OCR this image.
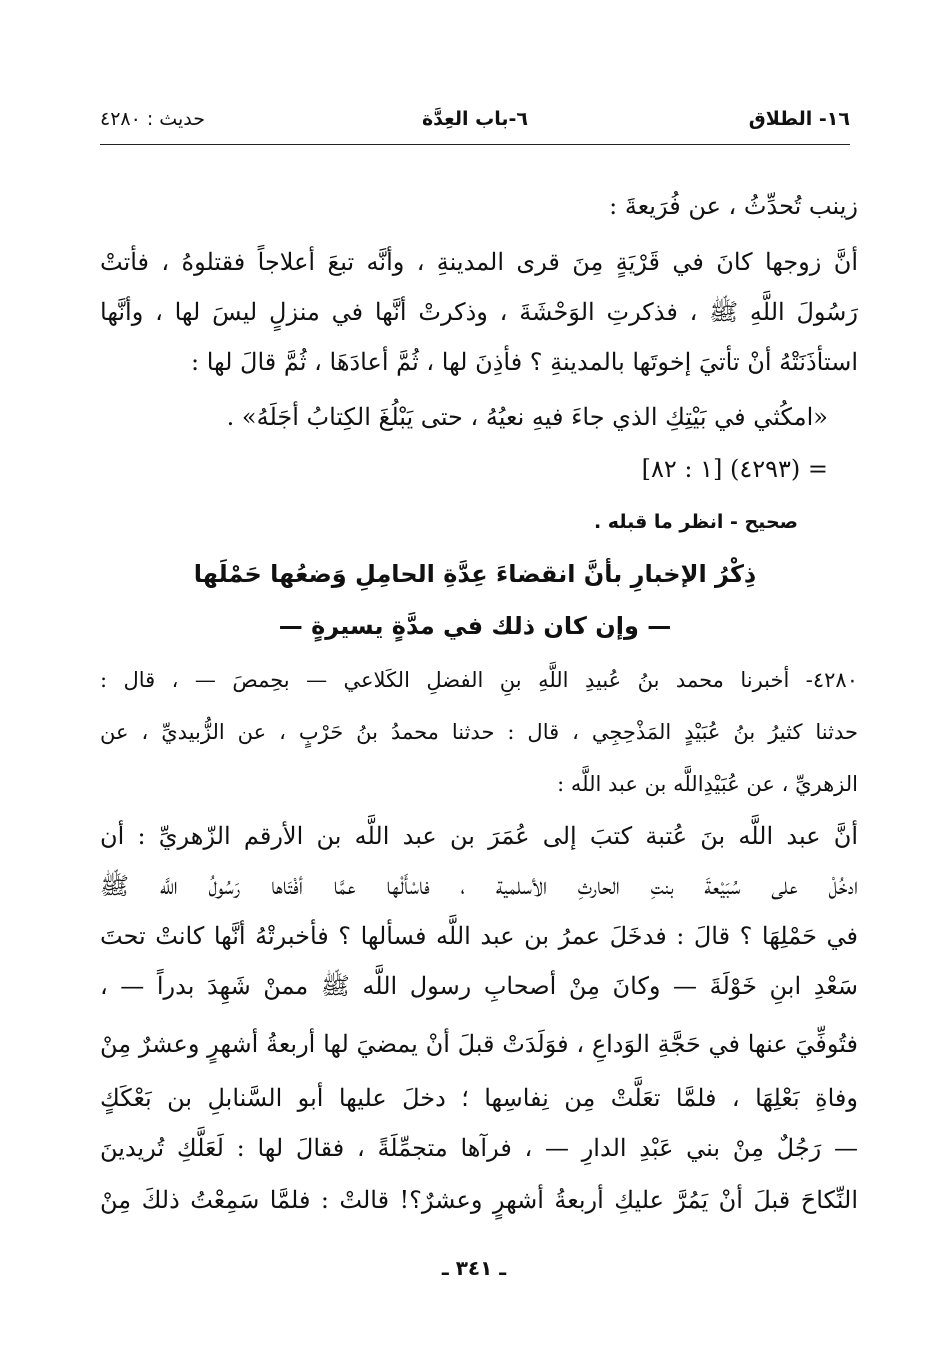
١٦- الطلاق
٦-باب العِدَّة
حديث : ٤٢٨٠
زينب تُحدِّثُ ، عن فُرَيعةَ :
أنَّ زوجها كانَ في قَرْيَةٍ مِنَ قرى المدينةِ ، وأنَّه تبعَ أعلاجاً فقتلوهُ ، فأتتْ
رَسُولَ اللَّهِ ﷺ ، فذكرتِ الوَحْشَةَ ، وذكرتْ أنَّها في منزلٍ ليسَ لها ، وأنَّها
استأذَنَتْهُ أنْ تأتيَ إخوتَها بالمدينةِ ؟ فأذِنَ لها ، ثُمَّ أعادَهَا ، ثُمَّ قالَ لها :
«امكُثي في بَيْتِكِ الذي جاءَ فيهِ نعيُهُ ، حتى يَبْلُغَ الكِتابُ أجَلَهُ» .
= (٤٢٩٣) [١ : ٨٢]
صحيح - انظر ما قبله .
ذِكْرُ الإخبارِ بأنَّ انقضاءَ عِدَّةِ الحامِلِ وَضعُها حَمْلَها
— وإن كان ذلك في مدَّةٍ يسيرةٍ —
٤٢٨٠- أخبرنا محمد بنُ عُبيدِ اللَّهِ بنِ الفضلِ الكَلاعي — بحِمصَ — ، قال :
حدثنا كثيرُ بنُ عُبَيْدٍ المَذْحِجِي ، قال : حدثنا محمدُ بنُ حَرْبٍ ، عن الزُّبيديِّ ، عن
الزهريِّ ، عن عُبَيْدِاللَّه بن عبد اللَّه :
أنَّ عبد اللَّه بنَ عُتبة كتبَ إلى عُمَرَ بن عبد اللَّه بن الأرقم الزّهريِّ : أن
ادخُلْ على سُبَيْعةَ بنتِ الحارثِ الأسلمية ، فاسْأَلْها عمَّا أفْتَاها رَسُولُ اللَّه ﷺ
في حَمْلِهَا ؟ قالَ : فدخَلَ عمرُ بن عبد اللَّه فسألها ؟ فأخبرتْهُ أنَّها كانتْ تحتَ
سَعْدِ ابنِ خَوْلَةَ — وكانَ مِنْ أصحابِ رسول اللَّه ﷺ ممنْ شَهِدَ بدراً — ،
فتُوفِّيَ عنها في حَجَّةِ الوَداعِ ، فوَلَدَتْ قبلَ أنْ يمضيَ لها أربعةُ أشهرٍ وعشرٌ مِنْ
وفاةِ بَعْلِهَا ، فلمَّا تعَلَّتْ مِن نِفاسِها ؛ دخلَ عليها أبو السَّنابلِ بن بَعْكَكٍ
— رَجُلٌ مِنْ بني عَبْدِ الدارِ — ، فرآها متجمِّلَةً ، فقالَ لها : لَعَلَّكِ تُريدينَ
النِّكاحَ قبلَ أنْ يَمُرَّ عليكِ أربعةُ أشهرٍ وعشرٌ؟! قالتْ : فلمَّا سَمِعْتُ ذلكَ مِنْ
ـ ٣٤١ ـ
